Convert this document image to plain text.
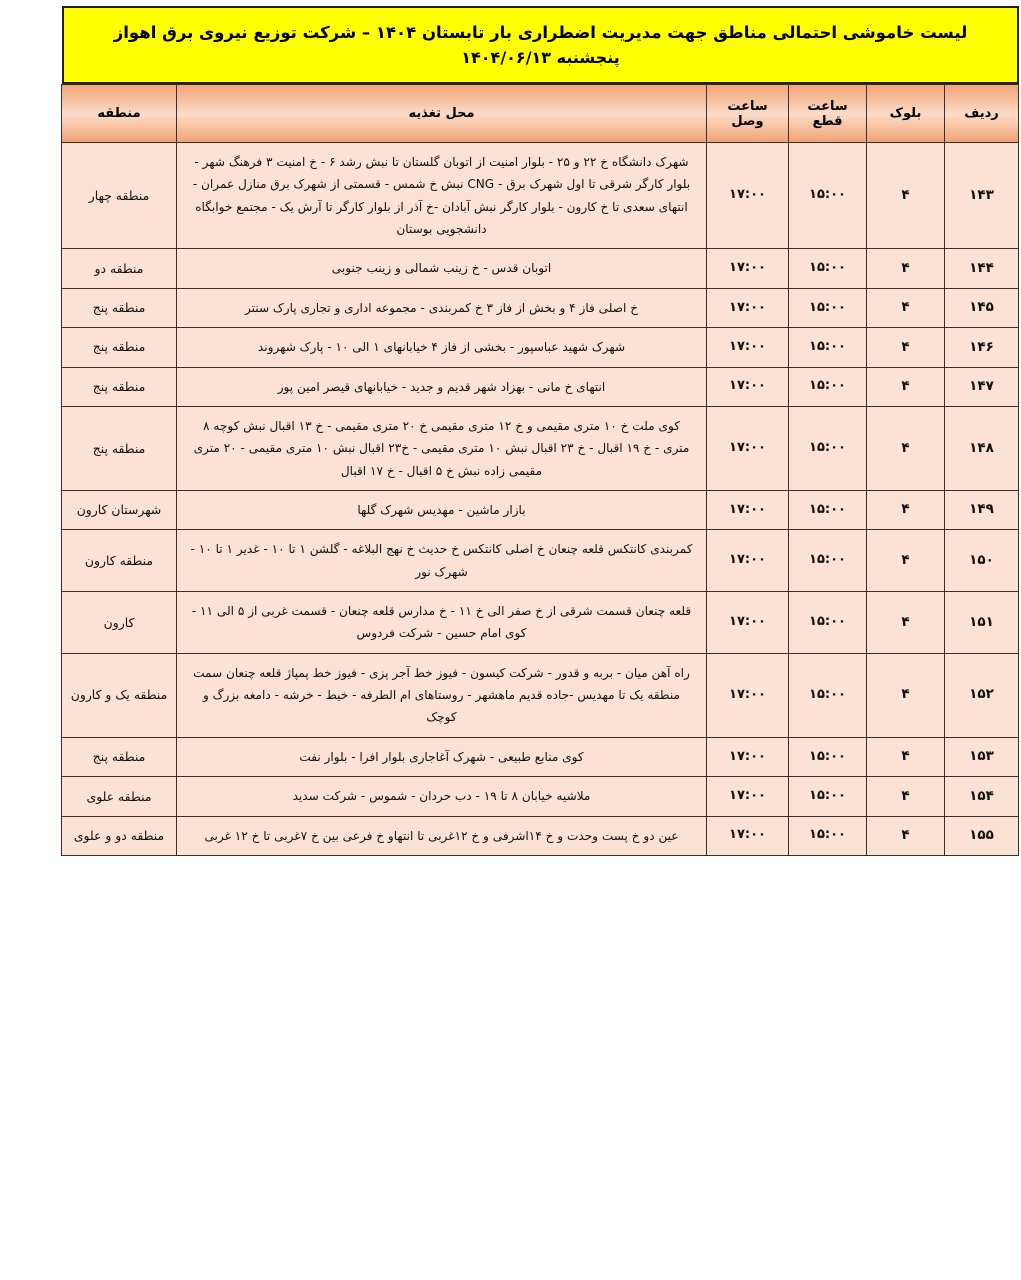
لیست خاموشی احتمالی مناطق جهت مدیریت اضطراری بار تابستان ۱۴۰۴ – شرکت توزیع نیروی برق اهواز
پنجشنبه ۱۴۰۴/۰۶/۱۳
ردیف	بلوک	ساعت قطع	ساعت وصل	محل تغذیه	منطقه
۱۴۳	۴	۱۵:۰۰	۱۷:۰۰	شهرک دانشگاه خ ۲۲ و ۲۵ - بلوار امنیت از اتوبان گلستان تا نبش رشد ۶ - خ امنیت ۳ فرهنگ شهر - بلوار کارگر شرقی تا اول شهرک برق - CNG نبش خ شمس - قسمتی از شهرک برق منازل عمران - انتهای سعدی تا خ کارون - بلوار کارگر نبش آبادان -خ آذر از بلوار کارگر تا آرش یک - مجتمع خوابگاه دانشجویی بوستان	منطقه چهار
۱۴۴	۴	۱۵:۰۰	۱۷:۰۰	اتوبان قدس - خ زینب شمالی و زینب جنوبی	منطقه دو
۱۴۵	۴	۱۵:۰۰	۱۷:۰۰	خ اصلی فاز ۴ و بخش از فاز ۳ خ کمربندی - مجموعه اداری و تجاری پارک سنتر	منطقه پنج
۱۴۶	۴	۱۵:۰۰	۱۷:۰۰	شهرک شهید عباسپور - بخشی از فاز ۴ خیابانهای ۱ الی ۱۰ - پارک شهروند	منطقه پنج
۱۴۷	۴	۱۵:۰۰	۱۷:۰۰	انتهای خ مانی - بهزاد شهر قدیم و جدید - خیابانهای قیصر امین پور	منطقه پنج
۱۴۸	۴	۱۵:۰۰	۱۷:۰۰	کوی ملت خ ۱۰ متری مقیمی و خ ۱۲ متری مقیمی خ ۲۰ متری مقیمی - خ ۱۳ اقبال نبش کوچه ۸ متری - خ ۱۹ اقبال - خ ۲۳ اقبال نبش ۱۰ متری مقیمی - خ۲۳ اقبال نبش ۱۰ متری مقیمی - ۲۰ متری مقیمی زاده نبش خ ۵ اقبال - خ ۱۷ اقبال	منطقه پنج
۱۴۹	۴	۱۵:۰۰	۱۷:۰۰	بازار ماشین - مهدیس شهرک گلها	شهرستان کارون
۱۵۰	۴	۱۵:۰۰	۱۷:۰۰	کمربندی کانتکس قلعه چنعان خ اصلی کانتکس خ حدیث خ نهج البلاغه - گلشن ۱ تا ۱۰ - غدیر ۱ تا ۱۰ - شهرک نور	منطقه کارون
۱۵۱	۴	۱۵:۰۰	۱۷:۰۰	قلعه چنعان قسمت شرقی از خ صفر الی خ ۱۱ - خ مدارس قلعه چنعان - قسمت غربی از ۵ الی ۱۱ - کوی امام حسین - شرکت فردوس	کارون
۱۵۲	۴	۱۵:۰۰	۱۷:۰۰	راه آهن میان - بربه و قدور - شرکت کیسون - فیوز خط آجر پزی - فیوز خط پمپاژ قلعه چنعان سمت منطقه یک تا مهدیس -جاده قدیم ماهشهر - روستاهای ام الطرفه - خیط - خرشه - دامغه بزرگ و کوچک	منطقه یک و کارون
۱۵۳	۴	۱۵:۰۰	۱۷:۰۰	کوی منابع طبیعی - شهرک آغاجاری بلوار افرا - بلوار نفت	منطقه پنج
۱۵۴	۴	۱۵:۰۰	۱۷:۰۰	ملاشیه خیابان ۸ تا ۱۹ - دب حردان - شموس - شرکت سدید	منطقه علوی
۱۵۵	۴	۱۵:۰۰	۱۷:۰۰	عین دو خ پست وحدت و خ ۱۴اشرفی و خ ۱۲غربی تا انتهاو خ فرعی بین خ ۷غربی تا خ ۱۲ غربی	منطقه دو و علوی
